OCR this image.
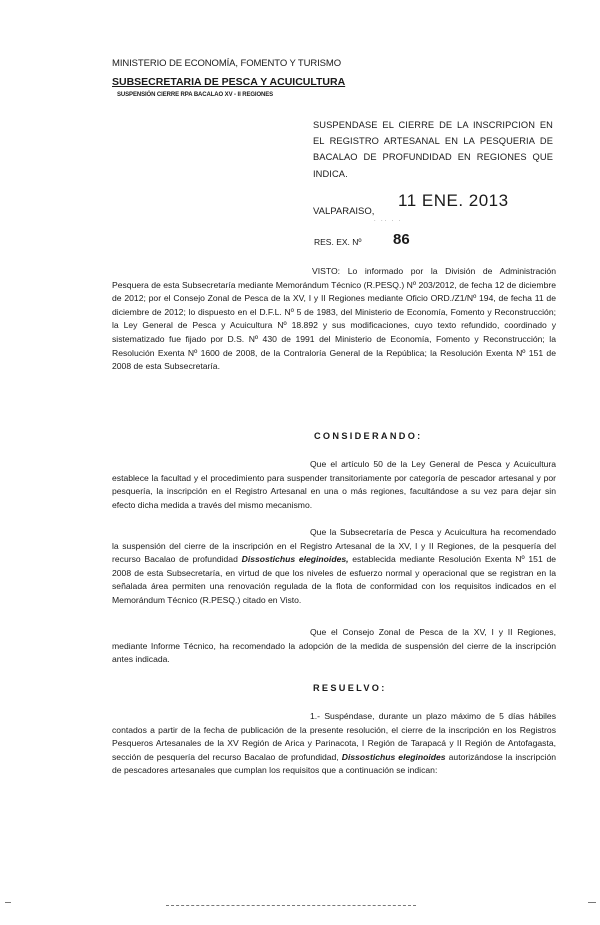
MINISTERIO DE ECONOMÍA, FOMENTO Y TURISMO
SUBSECRETARIA DE PESCA Y ACUICULTURA
SUSPENSIÓN CIERRE RPA BACALAO XV - II REGIONES
SUSPENDASE EL CIERRE DE LA INSCRIPCION EN EL REGISTRO ARTESANAL EN LA PESQUERIA DE BACALAO DE PROFUNDIDAD EN REGIONES QUE INDICA.
11 ENE. 2013
VALPARAISO,
· ·· · ·
RES. EX. Nº 86
VISTO: Lo informado por la División de Administración Pesquera de esta Subsecretaría mediante Memorándum Técnico (R.PESQ.) Nº 203/2012, de fecha 12 de diciembre de 2012; por el Consejo Zonal de Pesca de la XV, I y II Regiones mediante Oficio ORD./Z1/Nº 194, de fecha 11 de diciembre de 2012; lo dispuesto en el D.F.L. Nº 5 de 1983, del Ministerio de Economía, Fomento y Reconstrucción; la Ley General de Pesca y Acuicultura Nº 18.892 y sus modificaciones, cuyo texto refundido, coordinado y sistematizado fue fijado por D.S. Nº 430 de 1991 del Ministerio de Economía, Fomento y Reconstrucción; la Resolución Exenta Nº 1600 de 2008, de la Contraloría General de la República; la Resolución Exenta Nº 151 de 2008 de esta Subsecretaría.
CONSIDERANDO:
Que el artículo 50 de la Ley General de Pesca y Acuicultura establece la facultad y el procedimiento para suspender transitoriamente por categoría de pescador artesanal y por pesquería, la inscripción en el Registro Artesanal en una o más regiones, facultándose a su vez para dejar sin efecto dicha medida a través del mismo mecanismo.
Que la Subsecretaría de Pesca y Acuicultura ha recomendado la suspensión del cierre de la inscripción en el Registro Artesanal de la XV, I y II Regiones, de la pesquería del recurso Bacalao de profundidad Dissostichus eleginoides, establecida mediante Resolución Exenta Nº 151 de 2008 de esta Subsecretaría, en virtud de que los niveles de esfuerzo normal y operacional que se registran en la señalada área permiten una renovación regulada de la flota de conformidad con los requisitos indicados en el Memorándum Técnico (R.PESQ.) citado en Visto.
Que el Consejo Zonal de Pesca de la XV, I y II Regiones, mediante Informe Técnico, ha recomendado la adopción de la medida de suspensión del cierre de la inscripción antes indicada.
RESUELVO:
1.- Suspéndase, durante un plazo máximo de 5 días hábiles contados a partir de la fecha de publicación de la presente resolución, el cierre de la inscripción en los Registros Pesqueros Artesanales de la XV Región de Arica y Parinacota, I Región de Tarapacá y II Región de Antofagasta, sección de pesquería del recurso Bacalao de profundidad, Dissostichus eleginoides autorizándose la inscripción de pescadores artesanales que cumplan los requisitos que a continuación se indican:
